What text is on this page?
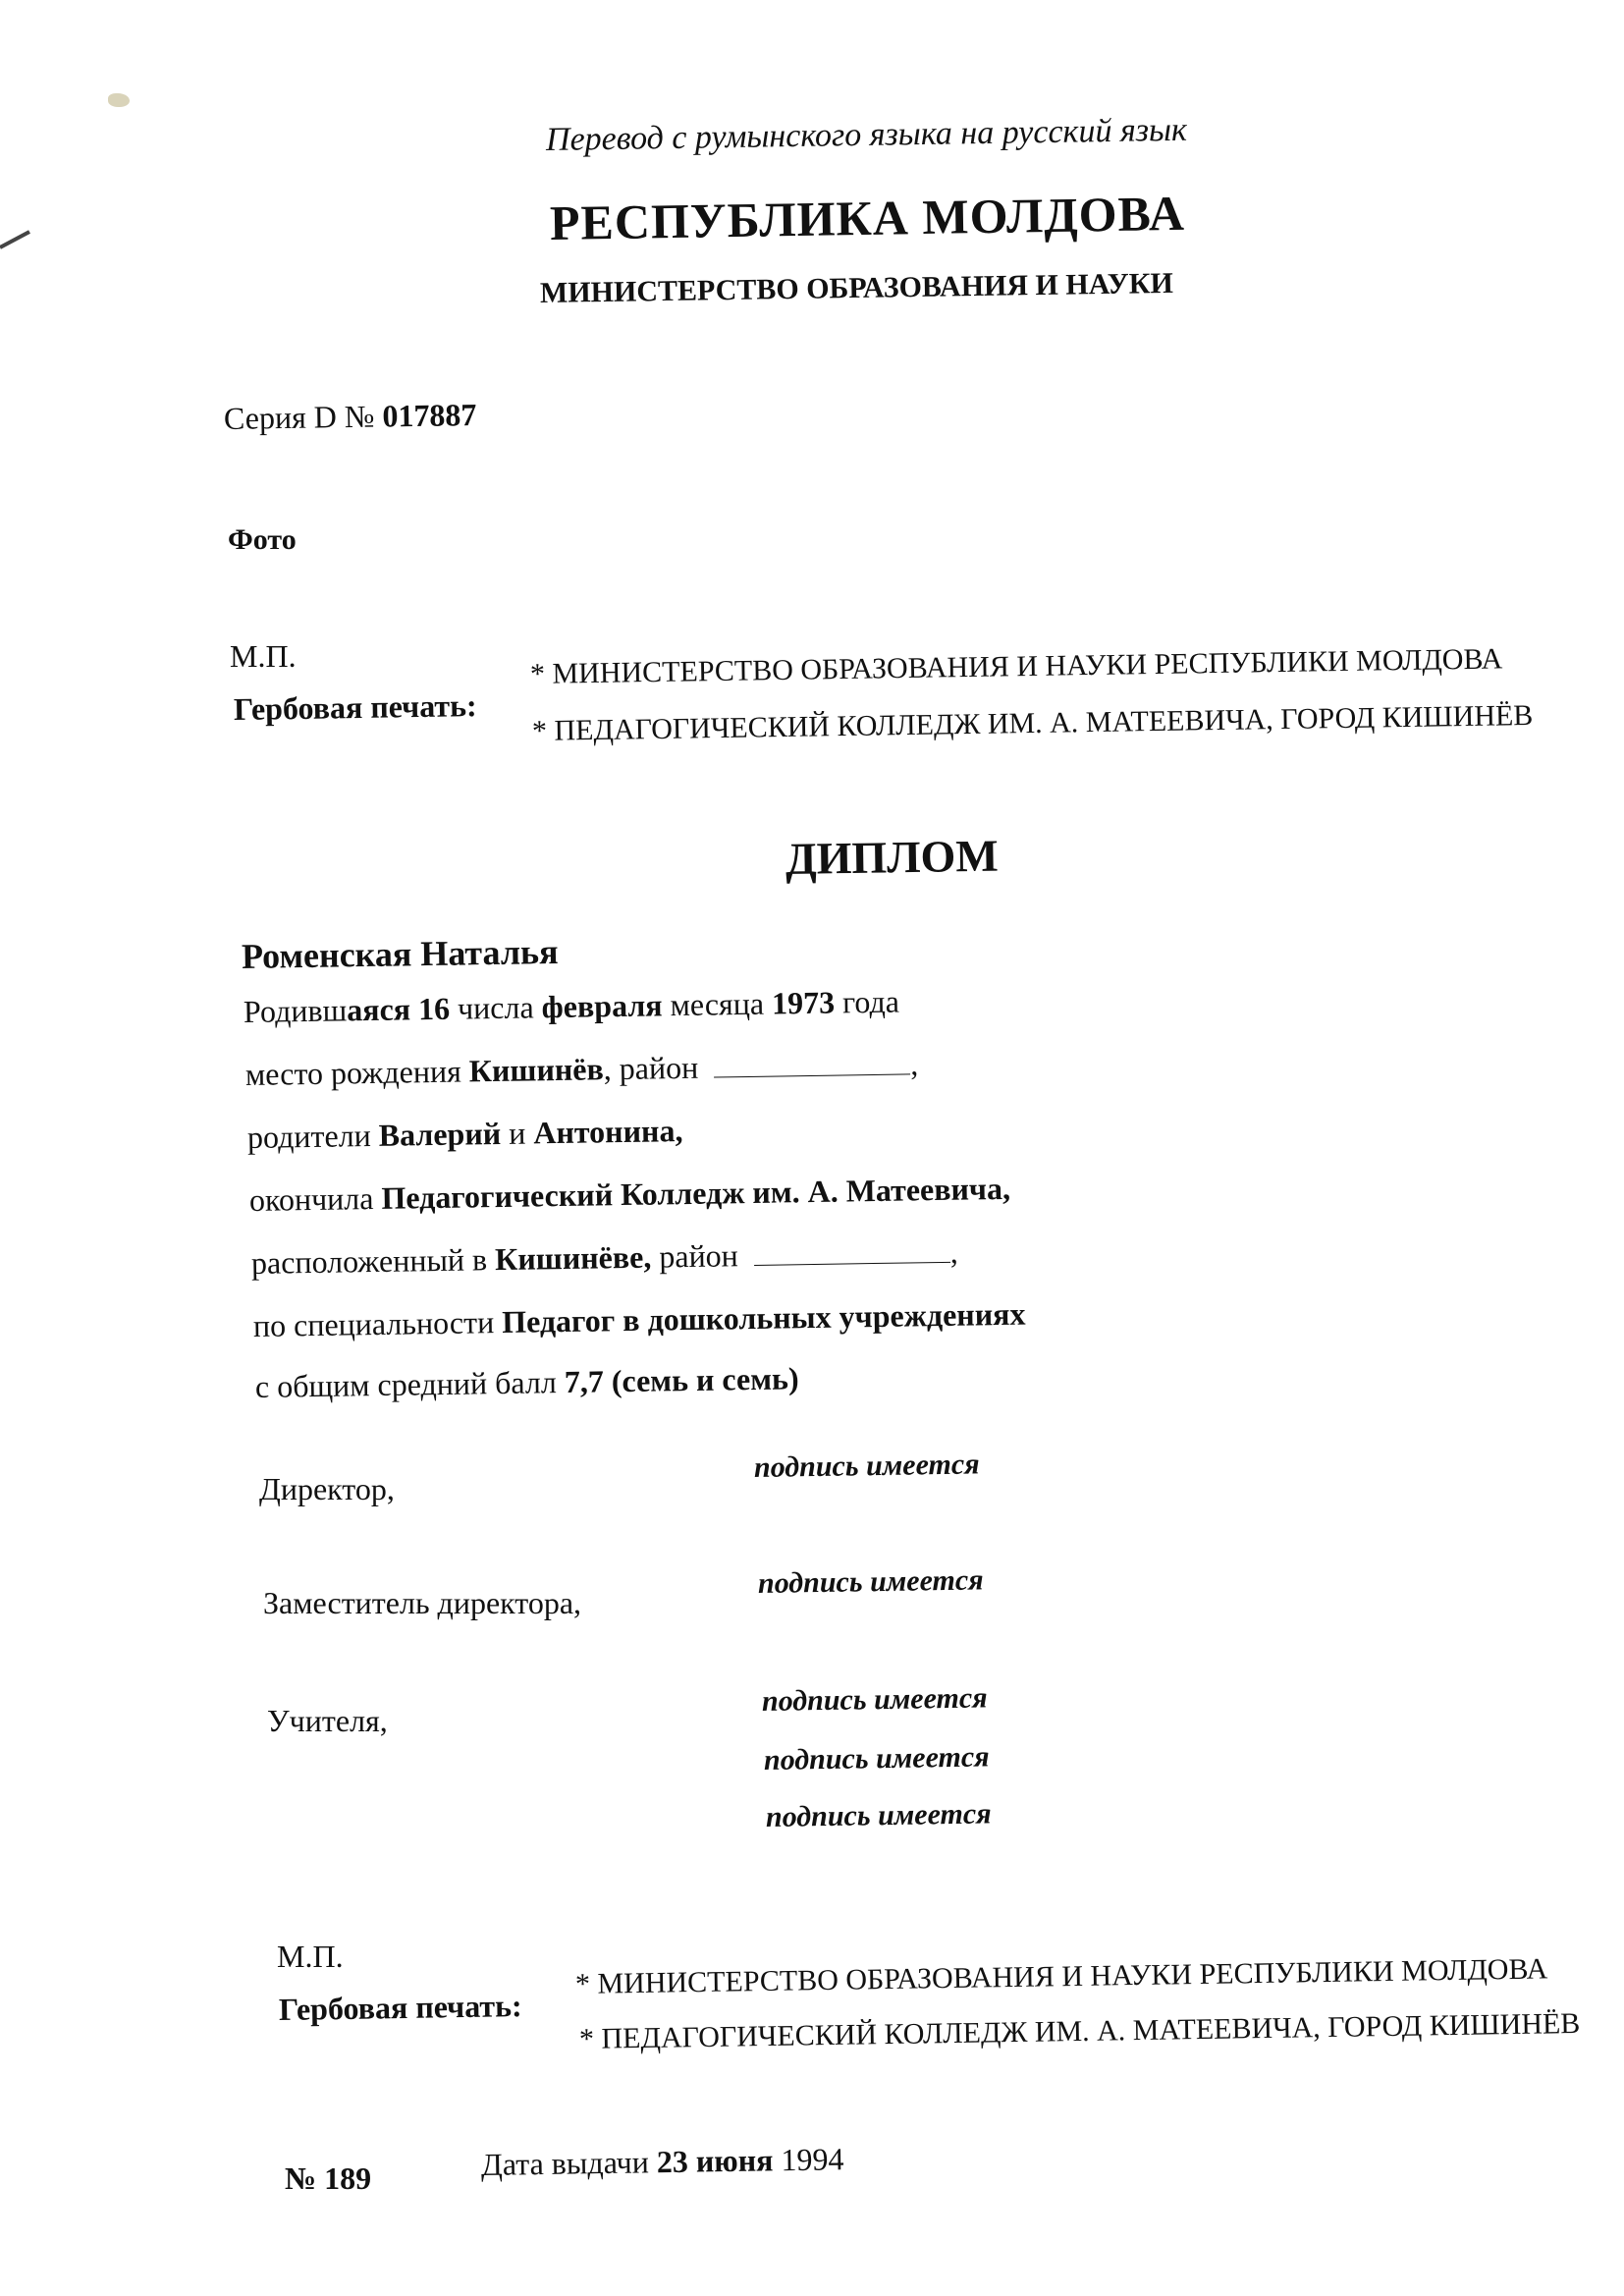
Перевод с румынского языка на русский язык
РЕСПУБЛИКА МОЛДОВА
МИНИСТЕРСТВО ОБРАЗОВАНИЯ И НАУКИ
Серия D № 017887
Фото
М.П.
Гербовая печать:
* МИНИСТЕРСТВО ОБРАЗОВАНИЯ И НАУКИ РЕСПУБЛИКИ МОЛДОВА
* ПЕДАГОГИЧЕСКИЙ КОЛЛЕДЖ ИМ. А. МАТЕЕВИЧА, ГОРОД КИШИНЁВ
ДИПЛОМ
Роменская Наталья
Родившаяся 16 числа февраля месяца 1973 года
место рождения Кишинёв, район	,
родители Валерий и Антонина,
окончила Педагогический Колледж им. А. Матеевича,
расположенный в Кишинёве, район	,
по специальности Педагог в дошкольных учреждениях
с общим средний балл 7,7 (семь и семь)
Директор,
подпись имеется
Заместитель директора,
подпись имеется
Учителя,
подпись имеется
подпись имеется
подпись имеется
М.П.
Гербовая печать:
* МИНИСТЕРСТВО ОБРАЗОВАНИЯ И НАУКИ РЕСПУБЛИКИ МОЛДОВА
* ПЕДАГОГИЧЕСКИЙ КОЛЛЕДЖ ИМ. А. МАТЕЕВИЧА, ГОРОД КИШИНЁВ
№ 189	Дата выдачи 23 июня 1994
